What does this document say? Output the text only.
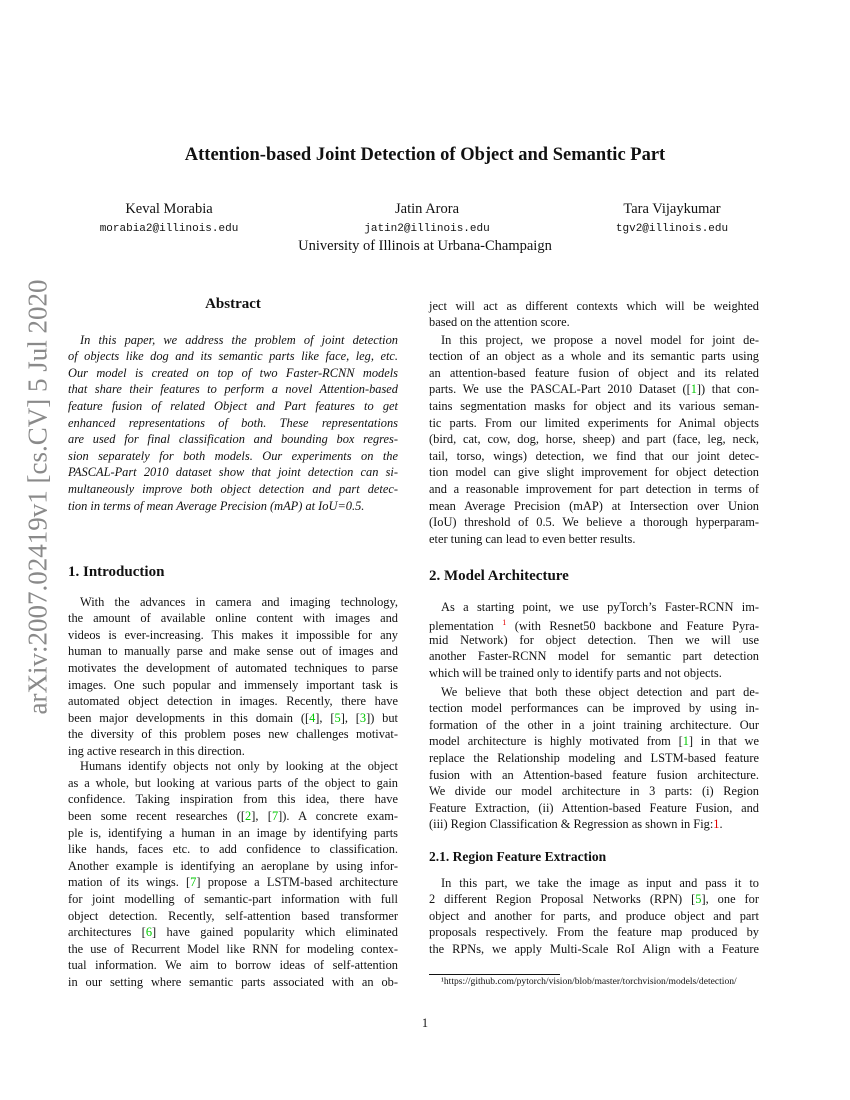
Attention-based Joint Detection of Object and Semantic Part
Keval Morabia
morabia2@illinois.edu
Jatin Arora
jatin2@illinois.edu
Tara Vijaykumar
tgv2@illinois.edu
University of Illinois at Urbana-Champaign
arXiv:2007.02419v1 [cs.CV] 5 Jul 2020	Abstract
In this paper, we address the problem of joint detection
of objects like dog and its semantic parts like face, leg, etc.
Our model is created on top of two Faster-RCNN models
that share their features to perform a novel Attention-based
feature fusion of related Object and Part features to get
enhanced representations of both. These representations
are used for final classification and bounding box regres-
sion separately for both models. Our experiments on the
PASCAL-Part 2010 dataset show that joint detection can si-
multaneously improve both object detection and part detec-
tion in terms of mean Average Precision (mAP) at IoU=0.5.
1. Introduction
With the advances in camera and imaging technology,
the amount of available online content with images and
videos is ever-increasing. This makes it impossible for any
human to manually parse and make sense out of images and
motivates the development of automated techniques to parse
images. One such popular and immensely important task is
automated object detection in images. Recently, there have
been major developments in this domain ([4], [5], [3]) but
the diversity of this problem poses new challenges motivat-
ing active research in this direction.
Humans identify objects not only by looking at the object
as a whole, but looking at various parts of the object to gain
confidence. Taking inspiration from this idea, there have
been some recent researches ([2], [7]). A concrete exam-
ple is, identifying a human in an image by identifying parts
like hands, faces etc. to add confidence to classification.
Another example is identifying an aeroplane by using infor-
mation of its wings. [7] propose a LSTM-based architecture
for joint modelling of semantic-part information with full
object detection. Recently, self-attention based transformer
architectures [6] have gained popularity which eliminated
the use of Recurrent Model like RNN for modeling contex-
tual information. We aim to borrow ideas of self-attention
in our setting where semantic parts associated with an ob-
ject will act as different contexts which will be weighted
based on the attention score.
In this project, we propose a novel model for joint de-
tection of an object as a whole and its semantic parts using
an attention-based feature fusion of object and its related
parts. We use the PASCAL-Part 2010 Dataset ([1]) that con-
tains segmentation masks for object and its various seman-
tic parts. From our limited experiments for Animal objects
(bird, cat, cow, dog, horse, sheep) and part (face, leg, neck,
tail, torso, wings) detection, we find that our joint detec-
tion model can give slight improvement for object detection
and a reasonable improvement for part detection in terms of
mean Average Precision (mAP) at Intersection over Union
(IoU) threshold of 0.5. We believe a thorough hyperparam-
eter tuning can lead to even better results.
2. Model Architecture
As a starting point, we use pyTorch’s Faster-RCNN im-
plementation $^1$ (with Resnet50 backbone and Feature Pyra-
mid Network) for object detection. Then we will use
another Faster-RCNN model for semantic part detection
which will be trained only to identify parts and not objects.
We believe that both these object detection and part de-
tection model performances can be improved by using in-
formation of the other in a joint training architecture. Our
model architecture is highly motivated from [1] in that we
replace the Relationship modeling and LSTM-based feature
fusion with an Attention-based feature fusion architecture.
We divide our model architecture in 3 parts: (i) Region
Feature Extraction, (ii) Attention-based Feature Fusion, and
(iii) Region Classification & Regression as shown in Fig:1.
2.1. Region Feature Extraction
In this part, we take the image as input and pass it to
2 different Region Proposal Networks (RPN) [5], one for
object and another for parts, and produce object and part
proposals respectively. From the feature map produced by
the RPNs, we apply Multi-Scale RoI Align with a Feature
¹https://github.com/pytorch/vision/blob/master/torchvision/models/detection/
1
